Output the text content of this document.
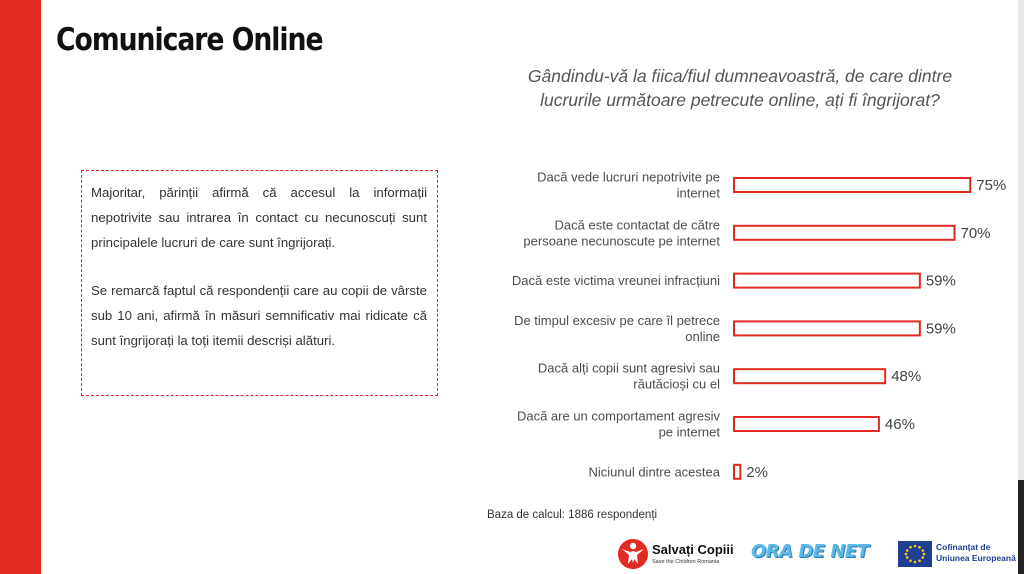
Comunicare Online
Gândindu-vă la fiica/fiul dumneavoastră, de care dintre lucrurile următoare petrecute online, ați fi îngrijorat?

Majoritar, părinții afirmă că accesul la informații nepotrivite sau intrarea în contact cu necunoscuți sunt principalele lucruri de care sunt îngrijorați.

Se remarcă faptul că respondenții care au copii de vârste sub 10 ani, afirmă în măsuri semnificativ mai ridicate că sunt îngrijorați la toți itemii descriși alături.

75%
Dacă vede lucruri nepotrivite pe
internet
70%
Dacă este contactat de către
persoane necunoscute pe internet
59%
Dacă este victima vreunei infracțiuni
59%
De timpul excesiv pe care îl petrece
online
48%
Dacă alți copii sunt agresivi sau
răutăcioși cu el
46%
Dacă are un comportament agresiv
pe internet
2%
Niciunul dintre acestea
Baza de calcul: 1886 respondenți
Salvați Copiii
Save the Children Romania ORA DE NET	Cofinanțat de
Uniunea Europeană
